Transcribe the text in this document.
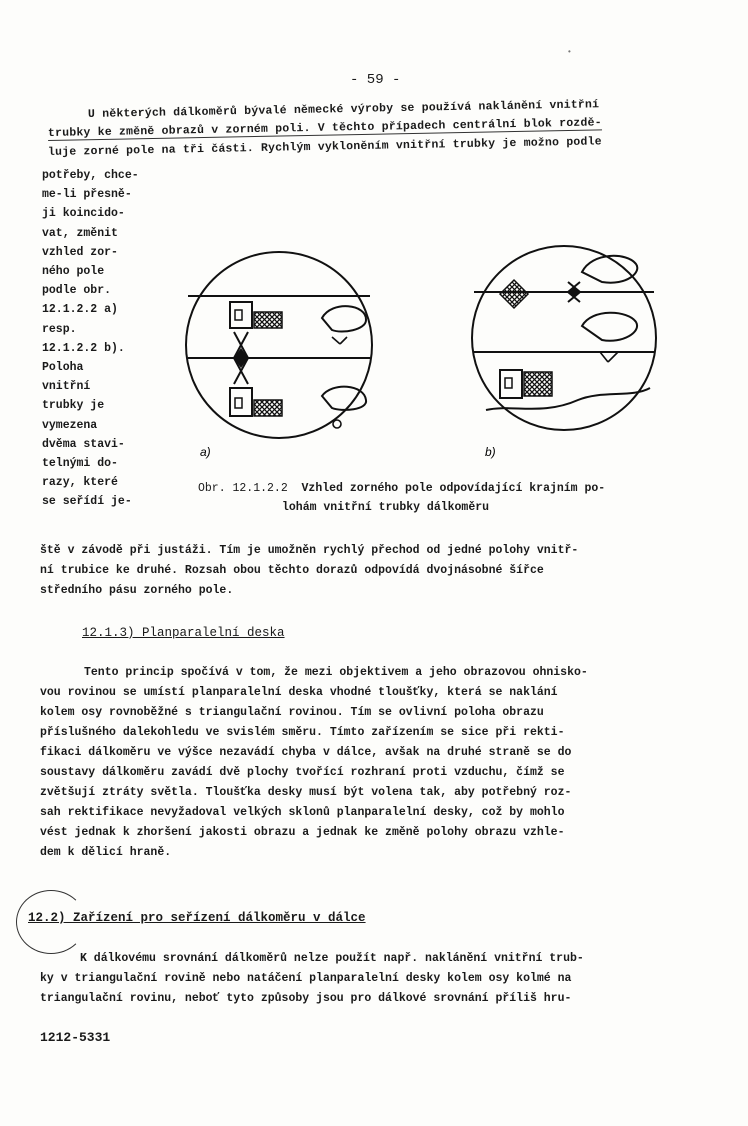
•
- 59 -
U některých dálkoměrů bývalé německé výroby se používá naklánění vnitřní
trubky ke změně obrazů v zorném poli. V těchto případech centrální blok rozdě-
luje zorné pole na tři části. Rychlým vykloněním vnitřní trubky je možno podle
potřeby, chce-
me-li přesně-
ji koincido-
vat, změnit
vzhled zor-
ného pole
podle obr.
12.1.2.2 a)
resp.
12.1.2.2 b).
Poloha
vnitřní
trubky je
vymezena
dvěma stavi-
telnými do-
razy, které
se seřídí je-
a)	b)
Obr. 12.1.2.2 Vzhled zorného pole odpovídající krajním po-
lohám vnitřní trubky dálkoměru
ště v závodě při justáži. Tím je umožněn rychlý přechod od jedné polohy vnitř-
ní trubice ke druhé. Rozsah obou těchto dorazů odpovídá dvojnásobné šířce
středního pásu zorného pole.
12.1.3) Planparalelní deska
Tento princip spočívá v tom, že mezi objektivem a jeho obrazovou ohnisko-
vou rovinou se umístí planparalelní deska vhodné tloušťky, která se naklání
kolem osy rovnoběžné s triangulační rovinou. Tím se ovlivní poloha obrazu
příslušného dalekohledu ve svislém směru. Tímto zařízením se sice při rekti-
fikaci dálkoměru ve výšce nezavádí chyba v dálce, avšak na druhé straně se do
soustavy dálkoměru zavádí dvě plochy tvořící rozhraní proti vzduchu, čímž se
zvětšují ztráty světla. Tloušťka desky musí být volena tak, aby potřebný roz-
sah rektifikace nevyžadoval velkých sklonů planparalelní desky, což by mohlo
vést jednak k zhoršení jakosti obrazu a jednak ke změně polohy obrazu vzhle-
dem k dělicí hraně.
12.2) Zařízení pro seřízení dálkoměru v dálce
K dálkovému srovnání dálkoměrů nelze použít např. naklánění vnitřní trub-
ky v triangulační rovině nebo natáčení planparalelní desky kolem osy kolmé na
triangulační rovinu, neboť tyto způsoby jsou pro dálkové srovnání příliš hru-
1212-5331
